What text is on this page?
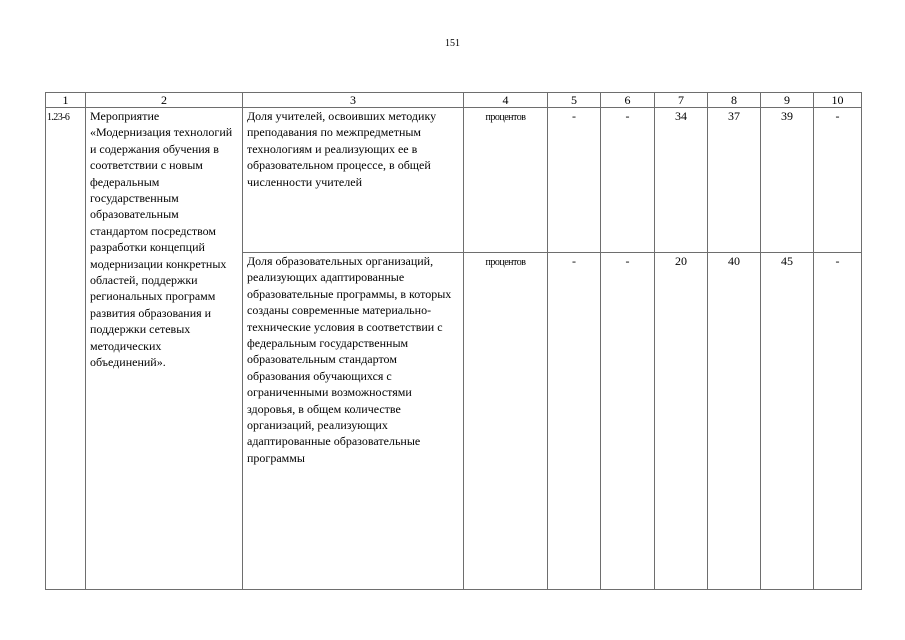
151
1	2	3	4	5	6	7	8	9	10
1.23-6	Мероприятие «Модернизация технологий и содержания обучения в соответствии с новым федеральным государственным образовательным стандартом посредством разработки концепций модернизации конкретных областей, поддержки региональных программ развития образования и поддержки сетевых методических объединений».	Доля учителей, освоивших методику преподавания по межпредметным технологиям и реализующих ее в образовательном процессе, в общей численности учителей	процентов	-	-	34	37	39	-
		Доля образовательных организаций, реализующих адаптированные образовательные программы, в которых созданы современные материально-технические условия в соответствии с федеральным государственным образовательным стандартом образования обучающихся с ограниченными возможностями здоровья, в общем количестве организаций, реализующих адаптированные образовательные программы	процентов	-	-	20	40	45	-
